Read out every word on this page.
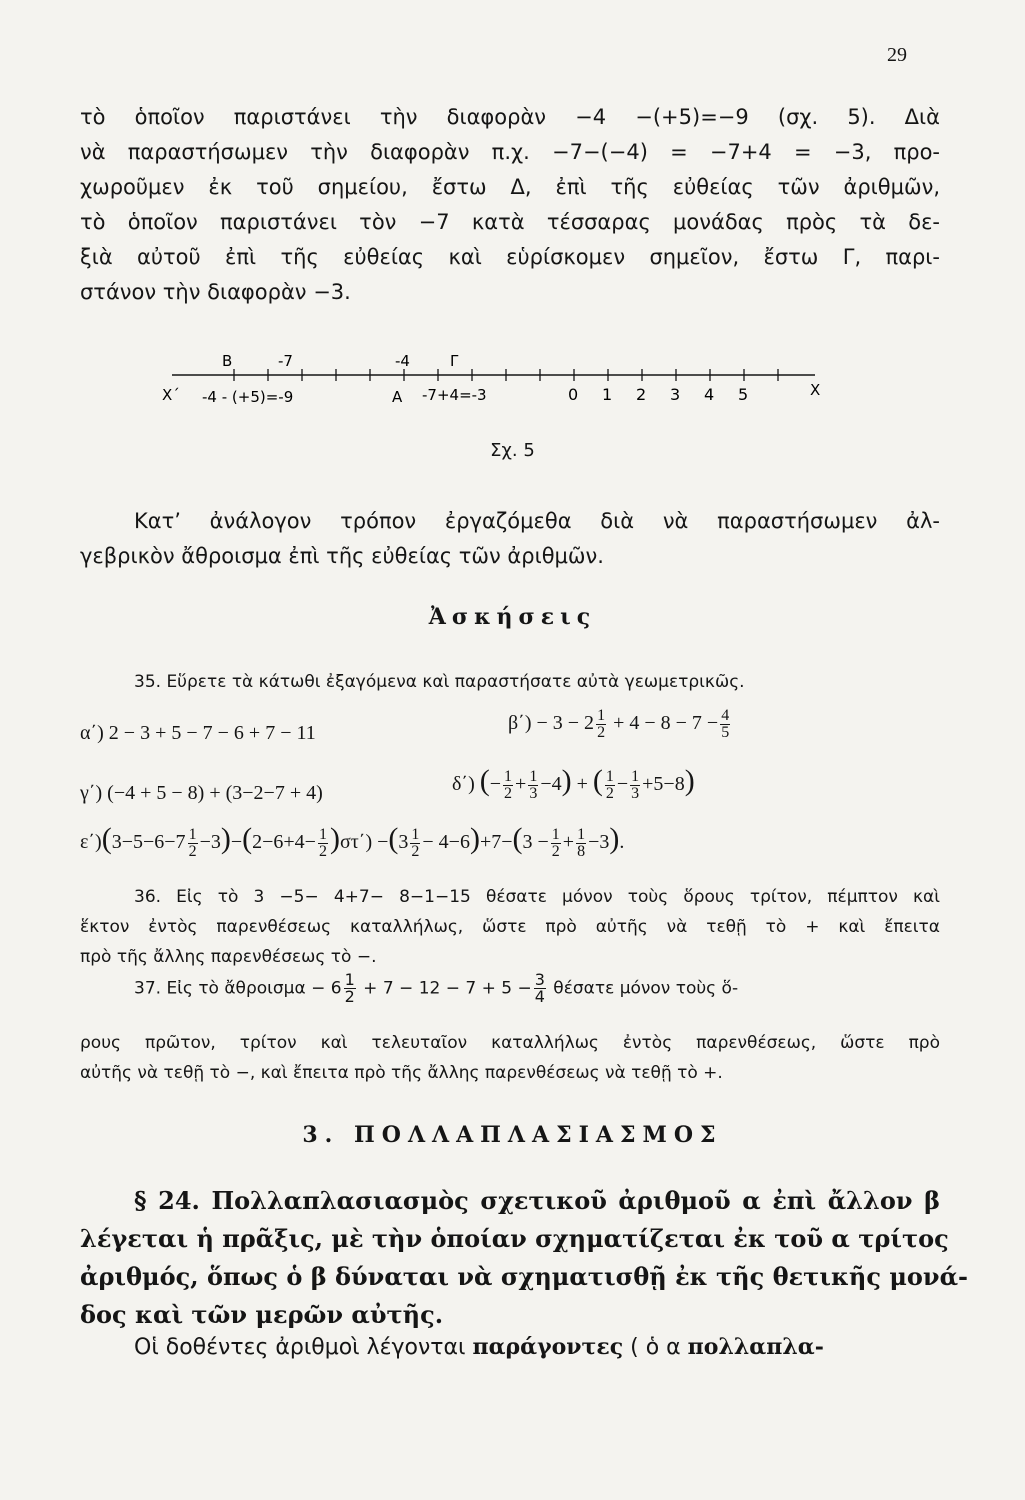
29

τὸ ὁποῖον παριστάνει τὴν διαφορὰν −4 −(+5)=−9 (σχ. 5). Διὰ
νὰ παραστήσωμεν τὴν διαφορὰν π.χ. −7−(−4) = −7+4 = −3, προ-
χωροῦμεν ἐκ τοῦ σημείου, ἔστω Δ, ἐπὶ τῆς εὐθείας τῶν ἀριθμῶν,
τὸ ὁποῖον παριστάνει τὸν −7 κατὰ τέσσαρας μονάδας πρὸς τὰ δε-
ξιὰ αὐτοῦ ἐπὶ τῆς εὐθείας καὶ εὑρίσκομεν σημεῖον, ἔστω Γ, παρι-
στάνον τὴν διαφορὰν −3.

B	-7	-4	Γ
X΄ -4 - (+5)=-9	A -7+4=-3	0 1 2 3 4 5	X
Σχ. 5

Κατ’ ἀνάλογον τρόπον ἐργαζόμεθα διὰ νὰ παραστήσωμεν ἀλ-
γεβρικὸν ἄθροισμα ἐπὶ τῆς εὐθείας τῶν ἀριθμῶν.

Ἀσκήσεις
35. Εὕρετε τὰ κάτωθι ἐξαγόμενα καὶ παραστήσατε αὐτὰ γεωμετρικῶς.
α΄) 2 − 3 + 5 − 7 − 6 + 7 − 11	$\beta΄) - 3 - 2 \frac{1}{2} + 4 - 8 - 7 - \frac{4}{5}$
γ΄) (−4 + 5 − 8) + (3−2−7 + 4)	δ΄) (− $\frac{1}{2} + \frac{1}{3} -4$) + ( $\frac{1}{2} - \frac{1}{3} +5-8$)
$\varepsilon΄)(3-5-6-7 \frac{1}{2} -3)-(2-6+4- \frac{1}{2} )\sigma\tau΄) -(3 \frac{1}{2} - 4-6)+7-(3 - \frac{1}{2} + \frac{1}{8} -3)$.

36. Εἰς τὸ 3 −5− 4+7− 8−1−15 θέσατε μόνον τοὺς ὅρους τρίτον, πέμπτον καὶ
ἕκτον ἐντὸς παρενθέσεως καταλλήλως, ὥστε πρὸ αὐτῆς νὰ τεθῇ τὸ + καὶ ἔπειτα
πρὸ τῆς ἄλλης παρενθέσεως τὸ −.

37. Εἰς τὸ ἄθροισμα − $6 \frac{1}{2} + 7 - 12 - 7 + 5 - \frac{3}{4}$ θέσατε μόνον τοὺς ὅ-

ρους πρῶτον, τρίτον καὶ τελευταῖον καταλλήλως ἐντὸς παρενθέσεως, ὥστε πρὸ
αὐτῆς νὰ τεθῇ τὸ −, καὶ ἔπειτα πρὸ τῆς ἄλλης παρενθέσεως νὰ τεθῇ τὸ +.

3. ΠΟΛΛΑΠΛΑΣΙΑΣΜΟΣ

§ 24. Πολλαπλασιασμὸς σχετικοῦ ἀριθμοῦ α ἐπὶ ἄλλον β
λέγεται ἡ πρᾶξις, μὲ τὴν ὁποίαν σχηματίζεται ἐκ τοῦ α τρίτος
ἀριθμός, ὅπως ὁ β δύναται νὰ σχηματισθῇ ἐκ τῆς θετικῆς μονά-
δος καὶ τῶν μερῶν αὐτῆς.

Οἱ δοθέντες ἀριθμοὶ λέγονται παράγοντες ( ὁ α πολλαπλα-
